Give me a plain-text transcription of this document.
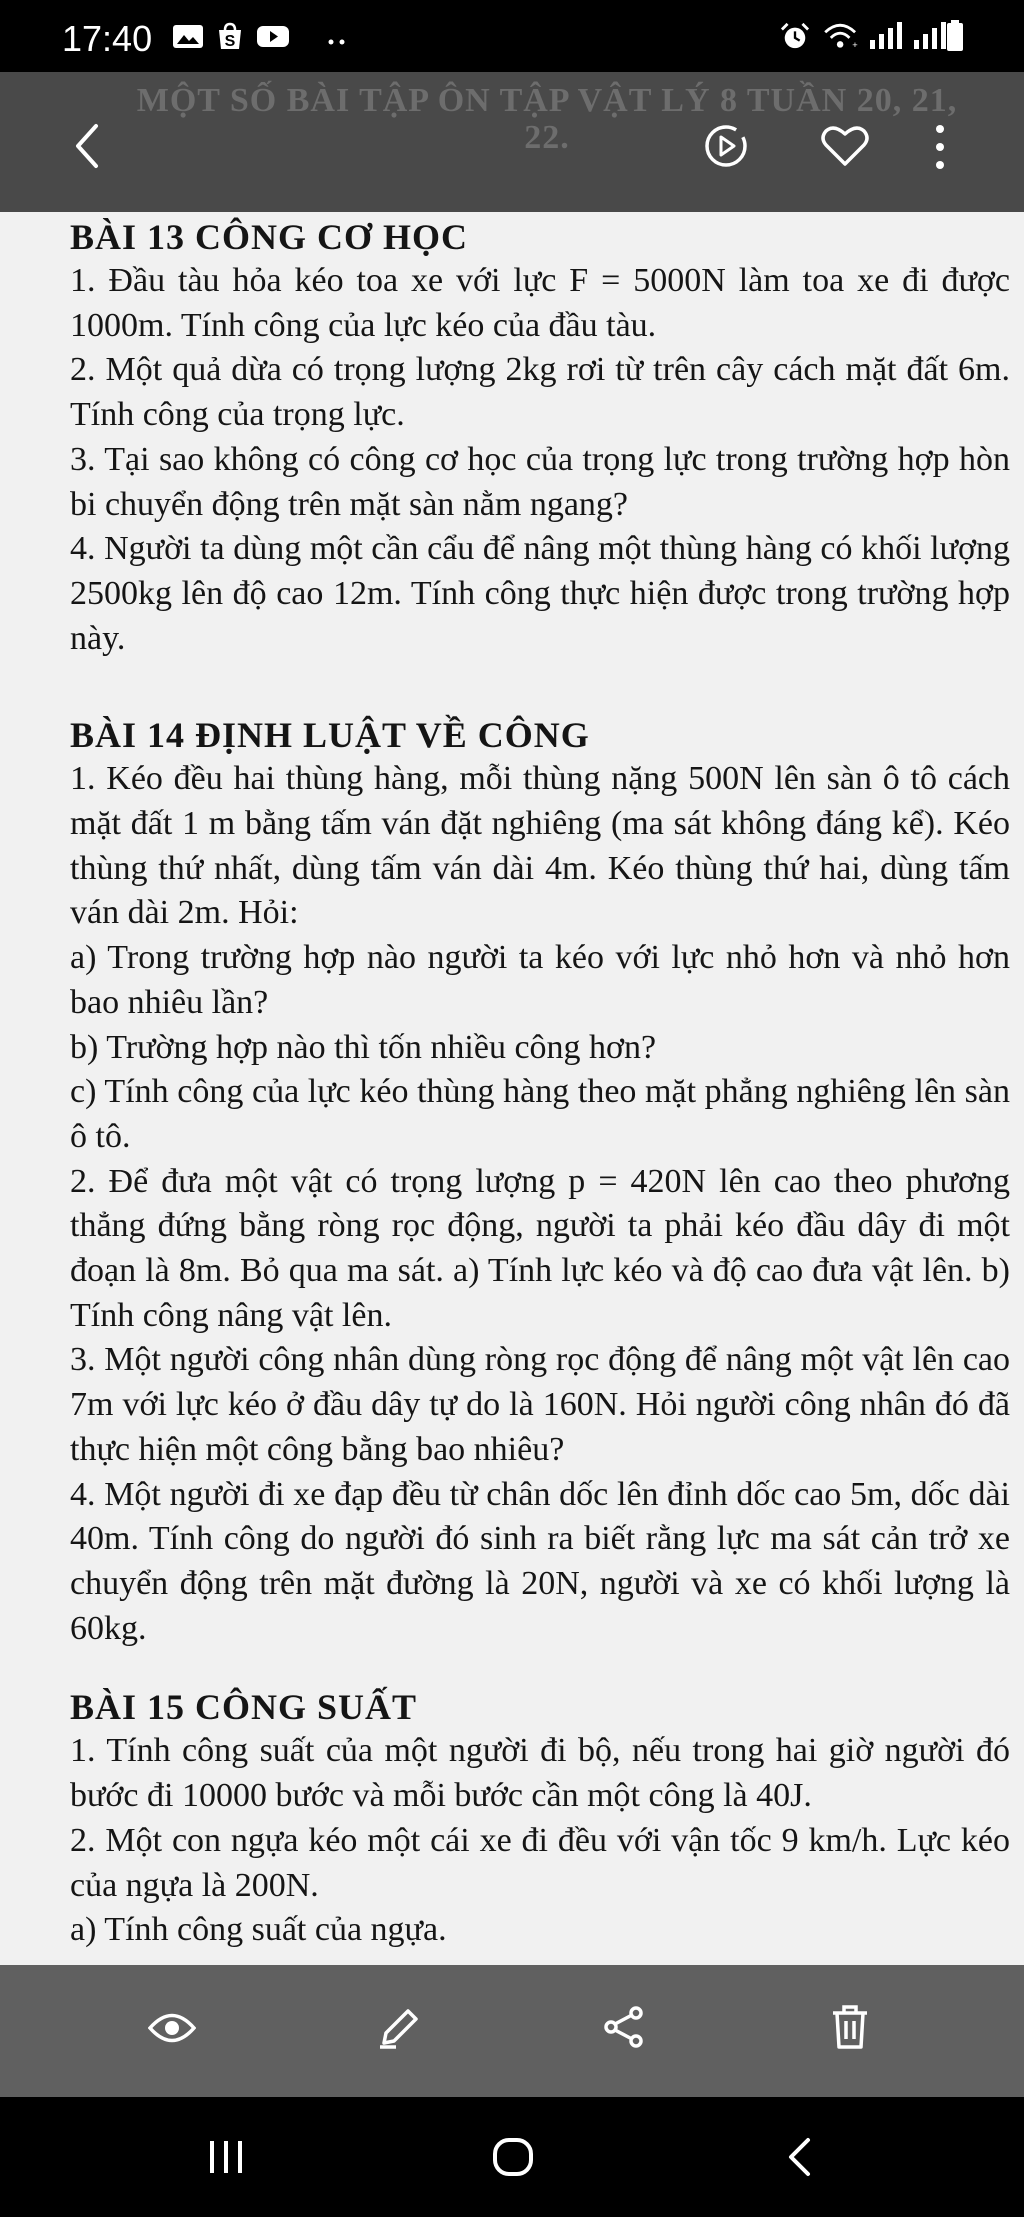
17:40	S	+
MỘT SỐ BÀI TẬP ÔN TẬP VẬT LÝ 8 TUẦN 20, 21,
22.
BÀI 13 CÔNG CƠ HỌC

1. Đầu tàu hỏa kéo toa xe với lực F = 5000N làm toa xe đi được 1000m. Tính công của lực kéo của đầu tàu.

2. Một quả dừa có trọng lượng 2kg rơi từ trên cây cách mặt đất 6m. Tính công của trọng lực.

3. Tại sao không có công cơ học của trọng lực trong trường hợp hòn bi chuyển động trên mặt sàn nằm ngang?

4. Người ta dùng một cần cẩu để nâng một thùng hàng có khối lượng 2500kg lên độ cao 12m. Tính công thực hiện được trong trường hợp này.

BÀI 14 ĐỊNH LUẬT VỀ CÔNG

1. Kéo đều hai thùng hàng, mỗi thùng nặng 500N lên sàn ô tô cách mặt đất 1 m bằng tấm ván đặt nghiêng (ma sát không đáng kể). Kéo thùng thứ nhất, dùng tấm ván dài 4m. Kéo thùng thứ hai, dùng tấm ván dài 2m. Hỏi:

a) Trong trường hợp nào người ta kéo với lực nhỏ hơn và nhỏ hơn bao nhiêu lần?

b) Trường hợp nào thì tốn nhiều công hơn?

c) Tính công của lực kéo thùng hàng theo mặt phẳng nghiêng lên sàn ô tô.

2. Để đưa một vật có trọng lượng p = 420N lên cao theo phương thẳng đứng bằng ròng rọc động, người ta phải kéo đầu dây đi một đoạn là 8m. Bỏ qua ma sát. a) Tính lực kéo và độ cao đưa vật lên. b) Tính công nâng vật lên.

3. Một người công nhân dùng ròng rọc động để nâng một vật lên cao 7m với lực kéo ở đầu dây tự do là 160N. Hỏi người công nhân đó đã thực hiện một công bằng bao nhiêu?

4. Một người đi xe đạp đều từ chân dốc lên đỉnh dốc cao 5m, dốc dài 40m. Tính công do người đó sinh ra biết rằng lực ma sát cản trở xe chuyển động trên mặt đường là 20N, người và xe có khối lượng là 60kg.

BÀI 15 CÔNG SUẤT

1. Tính công suất của một người đi bộ, nếu trong hai giờ người đó bước đi 10000 bước và mỗi bước cần một công là 40J.

2. Một con ngựa kéo một cái xe đi đều với vận tốc 9 km/h. Lực kéo của ngựa là 200N.

a) Tính công suất của ngựa.
